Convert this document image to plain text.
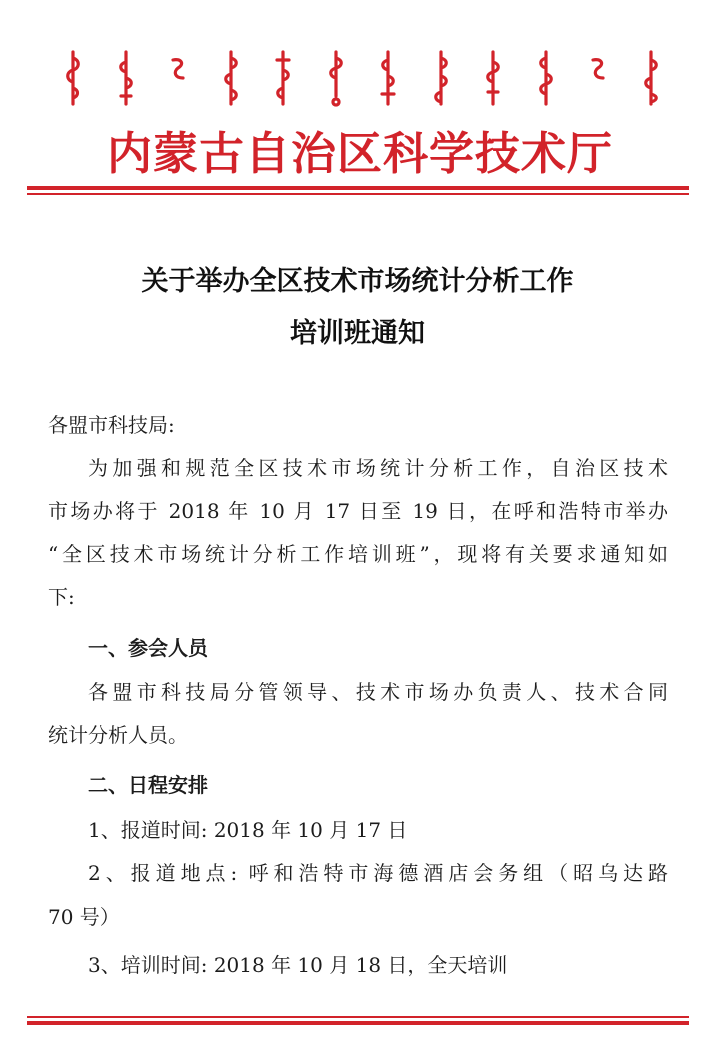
内蒙古自治区科学技术厅
关于举办全区技术市场统计分析工作
培训班通知
各盟市科技局:
为加强和规范全区技术市场统计分析工作，自治区技术
市场办将于 2018 年 10 月 17 日至 19 日，在呼和浩特市举办
“全区技术市场统计分析工作培训班”，现将有关要求通知如
下:
一、参会人员
各盟市科技局分管领导、技术市场办负责人、技术合同
统计分析人员。
二、日程安排
1、报道时间: 2018 年 10 月 17 日
2、报道地点: 呼和浩特市海德酒店会务组（昭乌达路
70 号）
3、培训时间: 2018 年 10 月 18 日，全天培训
